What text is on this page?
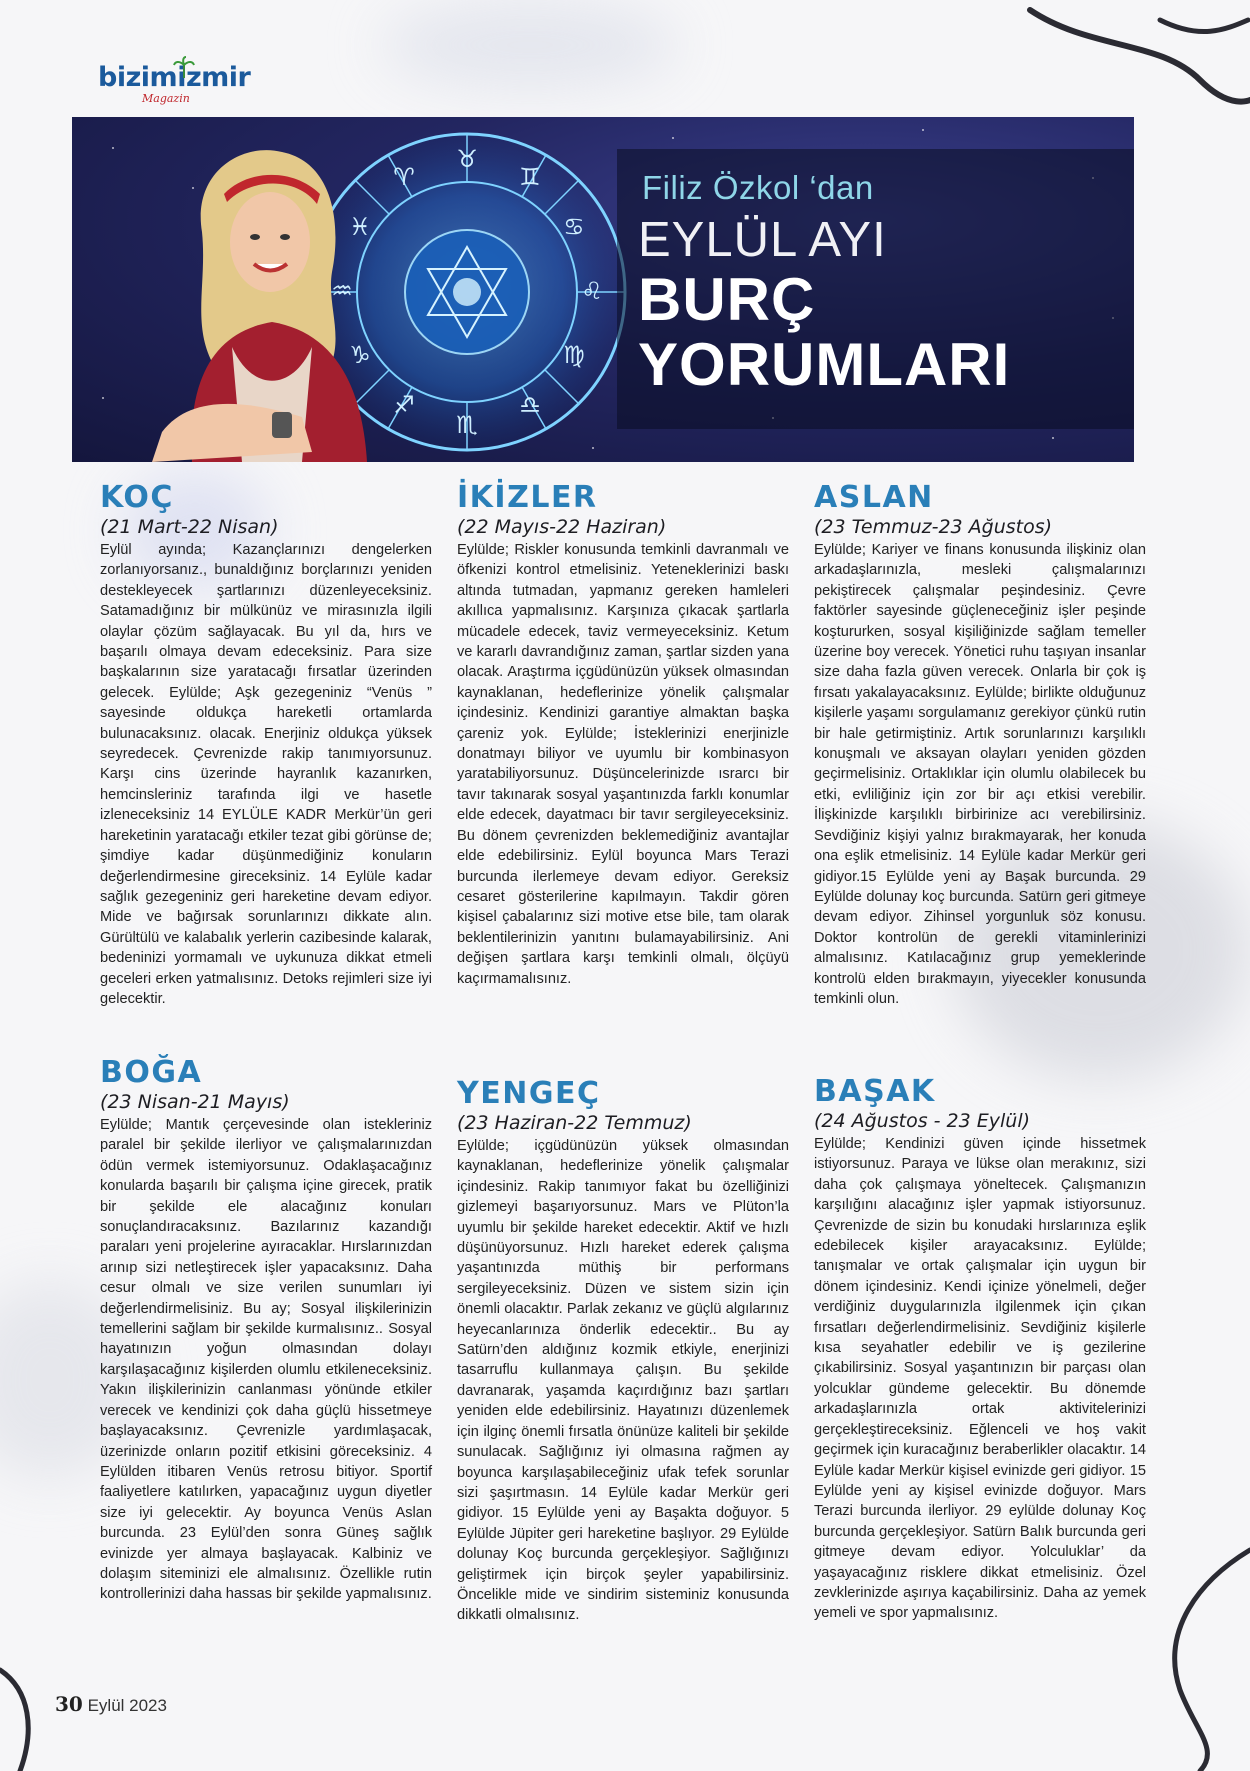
bizimizmir
Magazin
♉
♊
♋
♌
♍
♎
♏
♐
♑
♒
♓
♈	Filiz Özkol ‘dan
EYLÜL AYI
BURÇ
YORUMLARI
KOÇ
(21 Mart-22 Nisan)

Eylül ayında; Kazançlarınızı dengelerken zorlanıyorsanız., bunaldığınız borçlarınızı yeniden destekleyecek şartlarınızı düzenleyeceksiniz. Satamadığınız bir mülkünüz ve mirasınızla ilgili olaylar çözüm sağlayacak. Bu yıl da, hırs ve başarılı olmaya devam edeceksiniz. Para size başkalarının size yaratacağı fırsatlar üzerinden gelecek. Eylülde; Aşk gezegeniniz “Venüs ” sayesinde oldukça hareketli ortamlarda bulunacaksınız. olacak. Enerjiniz oldukça yüksek seyredecek. Çevrenizde rakip tanımıyorsunuz. Karşı cins üzerinde hayranlık kazanırken, hemcinsleriniz tarafında ilgi ve hasetle izleneceksiniz 14 EYLÜLE KADR Merkür’ün geri hareketinin yaratacağı etkiler tezat gibi görünse de; şimdiye kadar düşünmediğiniz konuların değerlendirmesine gireceksiniz. 14 Eylüle kadar sağlık gezegeniniz geri hareketine devam ediyor. Mide ve bağırsak sorunlarınızı dikkate alın. Gürültülü ve kalabalık yerlerin cazibesinde kalarak, bedeninizi yormamalı ve uykunuza dikkat etmeli geceleri erken yatmalısınız. Detoks rejimleri size iyi gelecektir.

BOĞA
(23 Nisan-21 Mayıs)

Eylülde; Mantık çerçevesinde olan istekleriniz paralel bir şekilde ilerliyor ve çalışmalarınızdan ödün vermek istemiyorsunuz. Odaklaşacağınız konularda başarılı bir çalışma içine girecek, pratik bir şekilde ele alacağınız konuları sonuçlandıracaksınız. Bazılarınız kazandığı paraları yeni projelerine ayıracaklar. Hırslarınızdan arınıp sizi netleştirecek işler yapacaksınız. Daha cesur olmalı ve size verilen sunumları iyi değerlendirmelisiniz. Bu ay; Sosyal ilişkilerinizin temellerini sağlam bir şekilde kurmalısınız.. Sosyal hayatınızın yoğun olmasından dolayı karşılaşacağınız kişilerden olumlu etkileneceksiniz. Yakın ilişkilerinizin canlanması yönünde etkiler verecek ve kendinizi çok daha güçlü hissetmeye başlayacaksınız. Çevrenizle yardımlaşacak, üzerinizde onların pozitif etkisini göreceksiniz. 4 Eylülden itibaren Venüs retrosu bitiyor. Sportif faaliyetlere katılırken, yapacağınız uygun diyetler size iyi gelecektir. Ay boyunca Venüs Aslan burcunda. 23 Eylül’den sonra Güneş sağlık evinizde yer almaya başlayacak. Kalbiniz ve dolaşım siteminizi ele almalısınız. Özellikle rutin kontrollerinizi daha hassas bir şekilde yapmalısınız.

İKİZLER
(22 Mayıs-22 Haziran)

Eylülde; Riskler konusunda temkinli davranmalı ve öfkenizi kontrol etmelisiniz. Yeteneklerinizi baskı altında tutmadan, yapmanız gereken hamleleri akıllıca yapmalısınız. Karşınıza çıkacak şartlarla mücadele edecek, taviz vermeyeceksiniz. Ketum ve kararlı davrandığınız zaman, şartlar sizden yana olacak. Araştırma içgüdünüzün yüksek olmasından kaynaklanan, hedeflerinize yönelik çalışmalar içindesiniz. Kendinizi garantiye almaktan başka çareniz yok. Eylülde; İsteklerinizi enerjinizle donatmayı biliyor ve uyumlu bir kombinasyon yaratabiliyorsunuz. Düşüncelerinizde ısrarcı bir tavır takınarak sosyal yaşantınızda farklı konumlar elde edecek, dayatmacı bir tavır sergileyeceksiniz. Bu dönem çevrenizden beklemediğiniz avantajlar elde edebilirsiniz. Eylül boyunca Mars Terazi burcunda ilerlemeye devam ediyor. Gereksiz cesaret gösterilerine kapılmayın. Takdir gören kişisel çabalarınız sizi motive etse bile, tam olarak beklentilerinizin yanıtını bulamayabilirsiniz. Ani değişen şartlara karşı temkinli olmalı, ölçüyü kaçırmamalısınız.

YENGEÇ
(23 Haziran-22 Temmuz)

Eylülde; içgüdünüzün yüksek olmasından kaynaklanan, hedeflerinize yönelik çalışmalar içindesiniz. Rakip tanımıyor fakat bu özelliğinizi gizlemeyi başarıyorsunuz. Mars ve Plüton’la uyumlu bir şekilde hareket edecektir. Aktif ve hızlı düşünüyorsunuz. Hızlı hareket ederek çalışma yaşantınızda müthiş bir performans sergileyeceksiniz. Düzen ve sistem sizin için önemli olacaktır. Parlak zekanız ve güçlü algılarınız heyecanlarınıza önderlik edecektir.. Bu ay Satürn’den aldığınız kozmik etkiyle, enerjinizi tasarruflu kullanmaya çalışın. Bu şekilde davranarak, yaşamda kaçırdığınız bazı şartları yeniden elde edebilirsiniz. Hayatınızı düzenlemek için ilginç önemli fırsatla önünüze kaliteli bir şekilde sunulacak. Sağlığınız iyi olmasına rağmen ay boyunca karşılaşabileceğiniz ufak tefek sorunlar sizi şaşırtmasın. 14 Eylüle kadar Merkür geri gidiyor. 15 Eylülde yeni ay Başakta doğuyor. 5 Eylülde Jüpiter geri hareketine başlıyor. 29 Eylülde dolunay Koç burcunda gerçekleşiyor. Sağlığınızı geliştirmek için birçok şeyler yapabilirsiniz. Öncelikle mide ve sindirim sisteminiz konusunda dikkatli olmalısınız.

ASLAN
(23 Temmuz-23 Ağustos)

Eylülde; Kariyer ve finans konusunda ilişkiniz olan arkadaşlarınızla, mesleki çalışmalarınızı pekiştirecek çalışmalar peşindesiniz. Çevre faktörler sayesinde güçleneceğiniz işler peşinde koştururken, sosyal kişiliğinizde sağlam temeller üzerine boy verecek. Yönetici ruhu taşıyan insanlar size daha fazla güven verecek. Onlarla bir çok iş fırsatı yakalayacaksınız. Eylülde; birlikte olduğunuz kişilerle yaşamı sorgulamanız gerekiyor çünkü rutin bir hale getirmiştiniz. Artık sorunlarınızı karşılıklı konuşmalı ve aksayan olayları yeniden gözden geçirmelisiniz. Ortaklıklar için olumlu olabilecek bu etki, evliliğiniz için zor bir açı etkisi verebilir. İlişkinizde karşılıklı birbirinize acı verebilirsiniz. Sevdiğiniz kişiyi yalnız bırakmayarak, her konuda ona eşlik etmelisiniz. 14 Eylüle kadar Merkür geri gidiyor.15 Eylülde yeni ay Başak burcunda. 29 Eylülde dolunay koç burcunda. Satürn geri gitmeye devam ediyor. Zihinsel yorgunluk söz konusu. Doktor kontrolün de gerekli vitaminlerinizi almalısınız. Katılacağınız grup yemeklerinde kontrolü elden bırakmayın, yiyecekler konusunda temkinli olun.

BAŞAK
(24 Ağustos - 23 Eylül)

Eylülde; Kendinizi güven içinde hissetmek istiyorsunuz. Paraya ve lükse olan merakınız, sizi daha çok çalışmaya yöneltecek. Çalışmanızın karşılığını alacağınız işler yapmak istiyorsunuz. Çevrenizde de sizin bu konudaki hırslarınıza eşlik edebilecek kişiler arayacaksınız. Eylülde; tanışmalar ve ortak çalışmalar için uygun bir dönem içindesiniz. Kendi içinize yönelmeli, değer verdiğiniz duygularınızla ilgilenmek için çıkan fırsatları değerlendirmelisiniz. Sevdiğiniz kişilerle kısa seyahatler edebilir ve iş gezilerine çıkabilirsiniz. Sosyal yaşantınızın bir parçası olan yolcuklar gündeme gelecektir. Bu dönemde arkadaşlarınızla ortak aktivitelerinizi gerçekleştireceksiniz. Eğlenceli ve hoş vakit geçirmek için kuracağınız beraberlikler olacaktır. 14 Eylüle kadar Merkür kişisel evinizde geri gidiyor. 15 Eylülde yeni ay kişisel evinizde doğuyor. Mars Terazi burcunda ilerliyor. 29 eylülde dolunay Koç burcunda gerçekleşiyor. Satürn Balık burcunda geri gitmeye devam ediyor. Yolculuklar’ da yaşayacağınız risklere dikkat etmelisiniz. Özel zevklerinizde aşırıya kaçabilirsiniz. Daha az yemek yemeli ve spor yapmalısınız.

30 Eylül 2023
